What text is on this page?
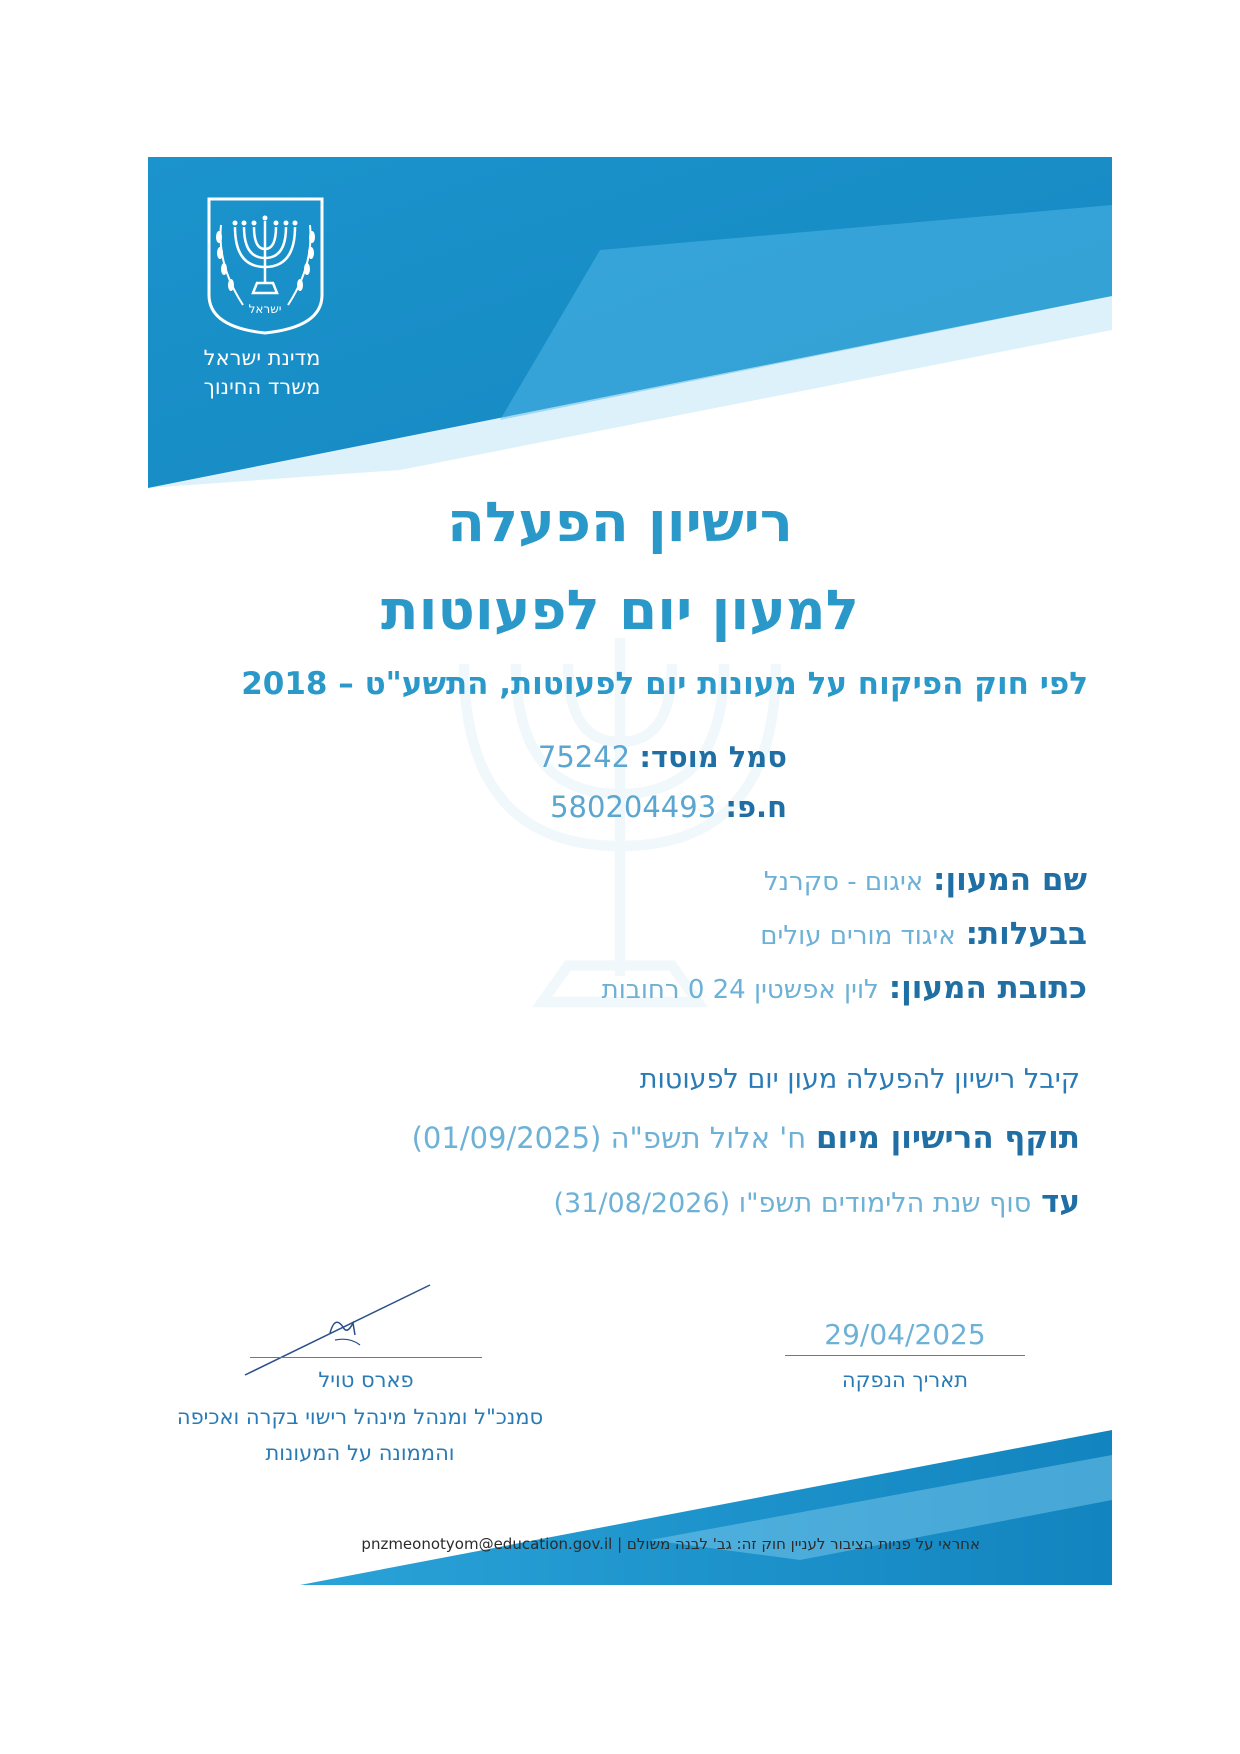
ישראל
מדינת ישראל
משרד החינוך
רישיון הפעלה
למעון יום לפעוטות
לפי חוק הפיקוח על מעונות יום לפעוטות, התשע"ט – 2018
סמל מוסד: 75242
ח.פ: 580204493
שם המעון: איגום - סקרנל
בבעלות: איגוד מורים עולים
כתובת המעון: לוין אפשטין 24 0 רחובות
קיבל רישיון להפעלה מעון יום לפעוטות
תוקף הרישיון מיום ח' אלול תשפ"ה (01/09/2025)
עד סוף שנת הלימודים תשפ"ו (31/08/2026)
פארס טויל
סמנכ"ל ומנהל מינהל רישוי בקרה ואכיפה
והממונה על המעונות
29/04/2025
תאריך הנפקה
אחראי על פניות הציבור לעניין חוק זה: גב' לבנה משולם | pnzmeonotyom@education.gov.il
